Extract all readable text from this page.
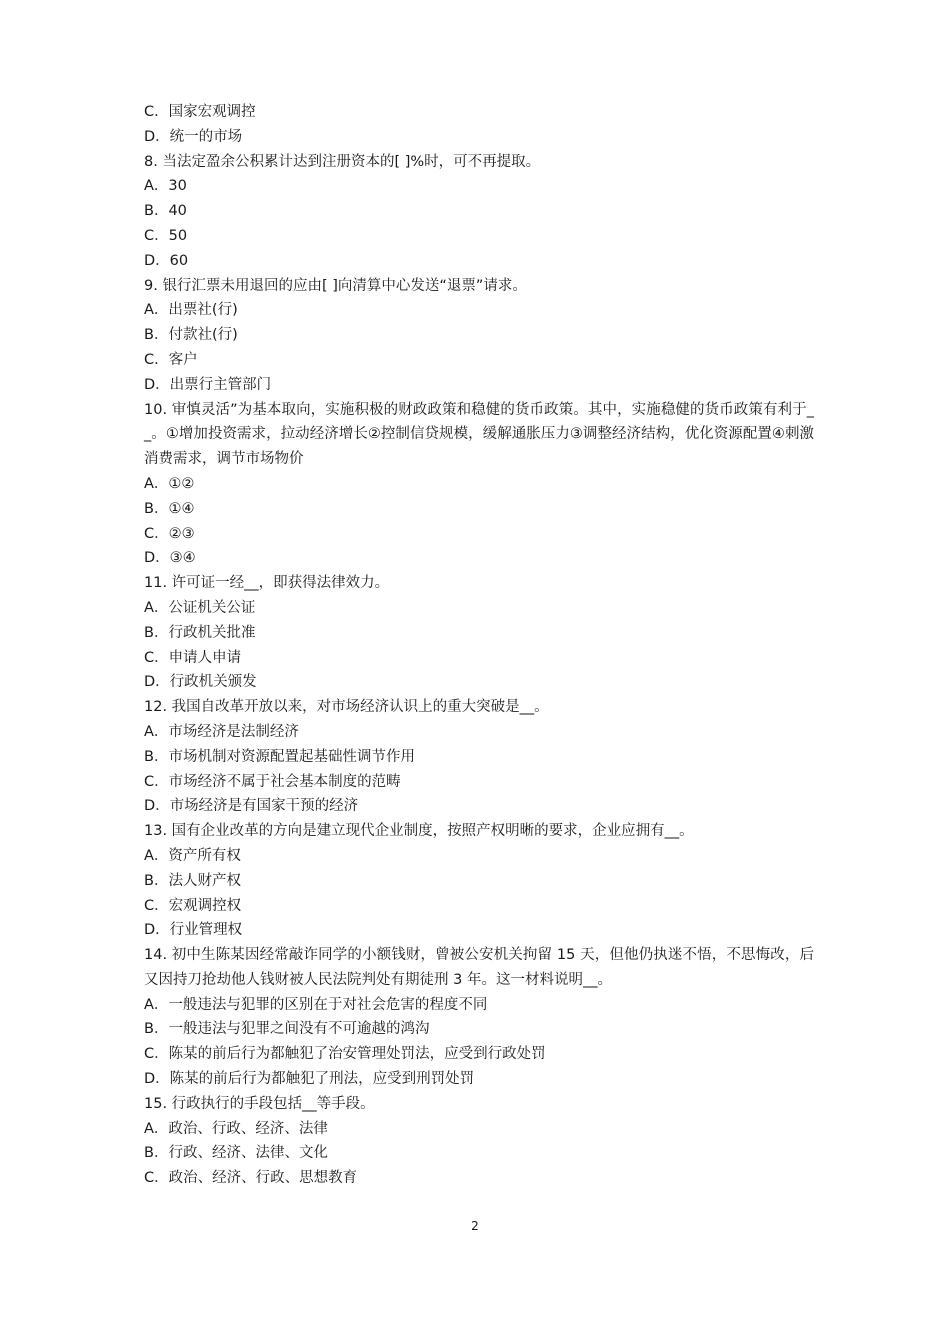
C．国家宏观调控
D．统一的市场
8. 当法定盈余公积累计达到注册资本的[ ]%时，可不再提取。
A．30
B．40
C．50
D．60
9. 银行汇票未用退回的应由[ ]向清算中心发送“退票”请求。
A．出票社(行)
B．付款社(行)
C．客户
D．出票行主管部门
10. 审慎灵活”为基本取向，实施积极的财政政策和稳健的货币政策。其中，实施稳健的货币政策有利于__。①增加投资需求，拉动经济增长②控制信贷规模，缓解通胀压力③调整经济结构，优化资源配置④刺激消费需求，调节市场物价
A．①②
B．①④
C．②③
D．③④
11. 许可证一经__，即获得法律效力。
A．公证机关公证
B．行政机关批准
C．申请人申请
D．行政机关颁发
12. 我国自改革开放以来，对市场经济认识上的重大突破是__。
A．市场经济是法制经济
B．市场机制对资源配置起基础性调节作用
C．市场经济不属于社会基本制度的范畴
D．市场经济是有国家干预的经济
13. 国有企业改革的方向是建立现代企业制度，按照产权明晰的要求，企业应拥有__。
A．资产所有权
B．法人财产权
C．宏观调控权
D．行业管理权
14. 初中生陈某因经常敲诈同学的小额钱财，曾被公安机关拘留 15 天，但他仍执迷不悟，不思悔改，后又因持刀抢劫他人钱财被人民法院判处有期徒刑 3 年。这一材料说明__。
A．一般违法与犯罪的区别在于对社会危害的程度不同
B．一般违法与犯罪之间没有不可逾越的鸿沟
C．陈某的前后行为都触犯了治安管理处罚法，应受到行政处罚
D．陈某的前后行为都触犯了刑法，应受到刑罚处罚
15. 行政执行的手段包括__等手段。
A．政治、行政、经济、法律
B．行政、经济、法律、文化
C．政治、经济、行政、思想教育
2
